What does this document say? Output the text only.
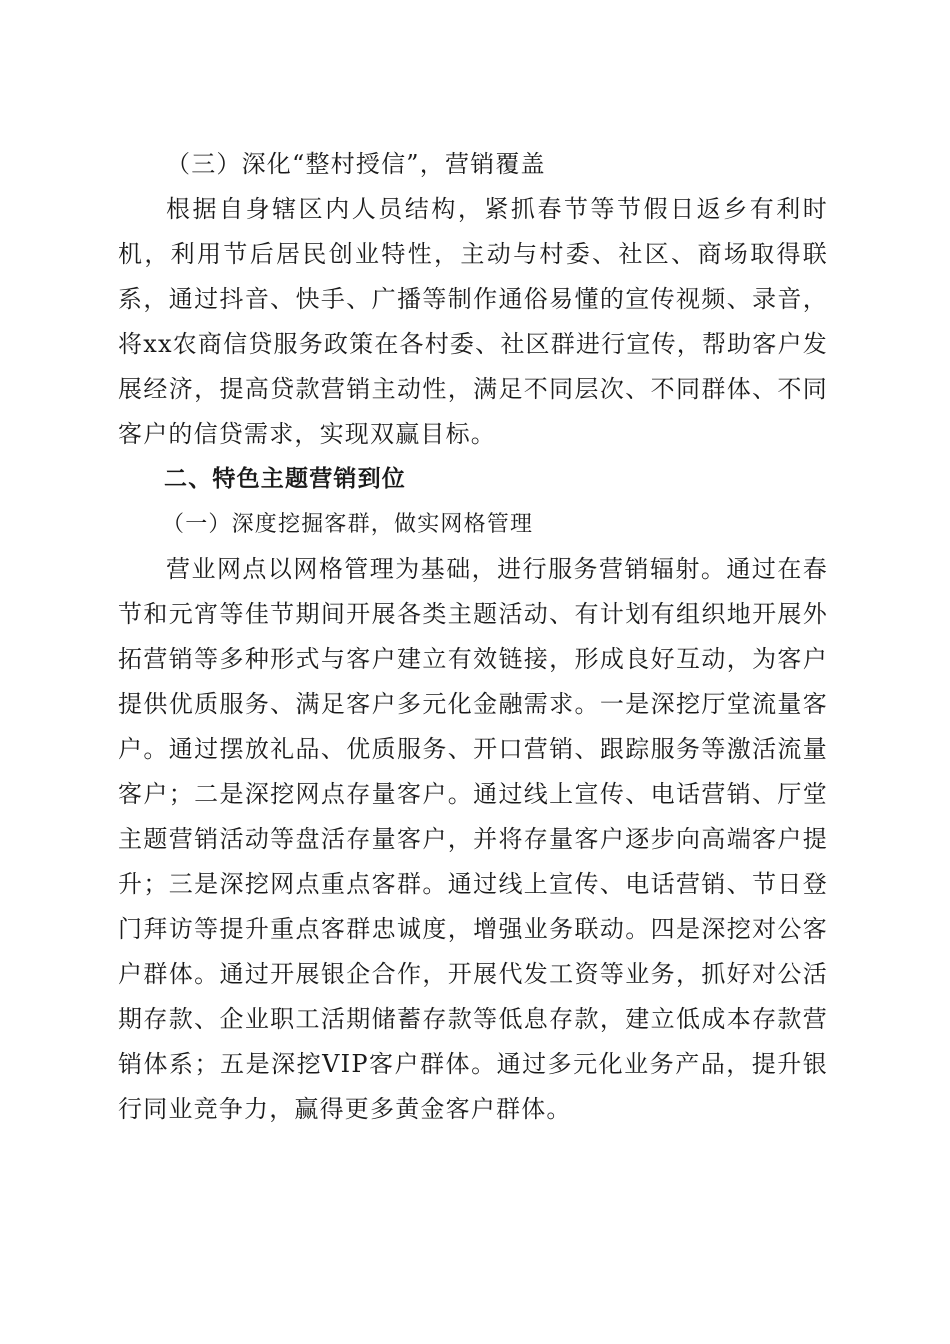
（三）深化“整村授信”，营销覆盖

根据自身辖区内人员结构，紧抓春节等节假日返乡有利时机，利用节后居民创业特性，主动与村委、社区、商场取得联系，通过抖音、快手、广播等制作通俗易懂的宣传视频、录音，将xx农商信贷服务政策在各村委、社区群进行宣传，帮助客户发展经济，提高贷款营销主动性，满足不同层次、不同群体、不同客户的信贷需求，实现双赢目标。

二、特色主题营销到位
（一）深度挖掘客群，做实网格管理

营业网点以网格管理为基础，进行服务营销辐射。通过在春节和元宵等佳节期间开展各类主题活动、有计划有组织地开展外拓营销等多种形式与客户建立有效链接，形成良好互动，为客户提供优质服务、满足客户多元化金融需求。一是深挖厅堂流量客户。通过摆放礼品、优质服务、开口营销、跟踪服务等激活流量客户；二是深挖网点存量客户。通过线上宣传、电话营销、厅堂主题营销活动等盘活存量客户，并将存量客户逐步向高端客户提升；三是深挖网点重点客群。通过线上宣传、电话营销、节日登门拜访等提升重点客群忠诚度，增强业务联动。四是深挖对公客户群体。通过开展银企合作，开展代发工资等业务，抓好对公活期存款、企业职工活期储蓄存款等低息存款，建立低成本存款营销体系；五是深挖VIP客户群体。通过多元化业务产品，提升银行同业竞争力，赢得更多黄金客户群体。
